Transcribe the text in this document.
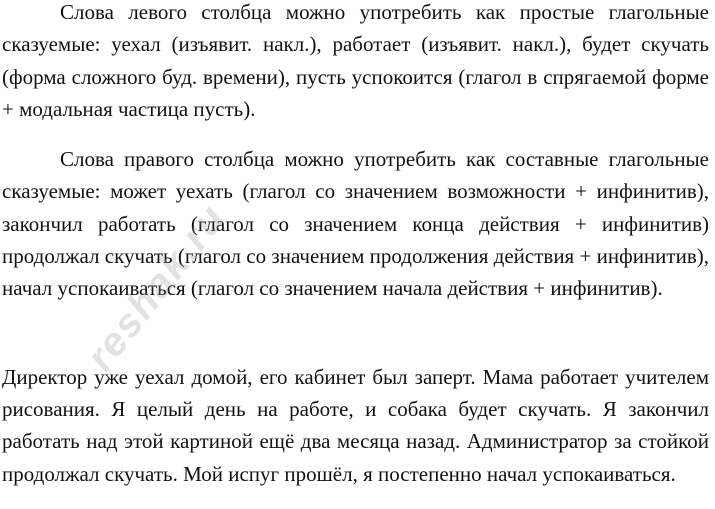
Слова левого столбца можно употребить как простые глагольные сказуемые: уехал (изъявит. накл.), работает (изъявит. накл.), будет скучать (форма сложного буд. времени), пусть успокоится (глагол в спрягаемой форме + модальная частица пусть).

Слова правого столбца можно употребить как составные глагольные сказуемые: может уехать (глагол со значением возможности + инфинитив), закончил работать (глагол со значением конца действия + инфинитив) продолжал скучать (глагол со значением продолжения действия + инфинитив), начал успокаиваться (глагол со значением начала действия + инфинитив).

Директор уже уехал домой, его кабинет был заперт. Мама работает учителем рисования. Я целый день на работе, и собака будет скучать. Я закончил работать над этой картиной ещё два месяца назад. Администратор за стойкой продолжал скучать. Мой испуг прошёл, я постепенно начал успокаиваться.

reshak.ru
